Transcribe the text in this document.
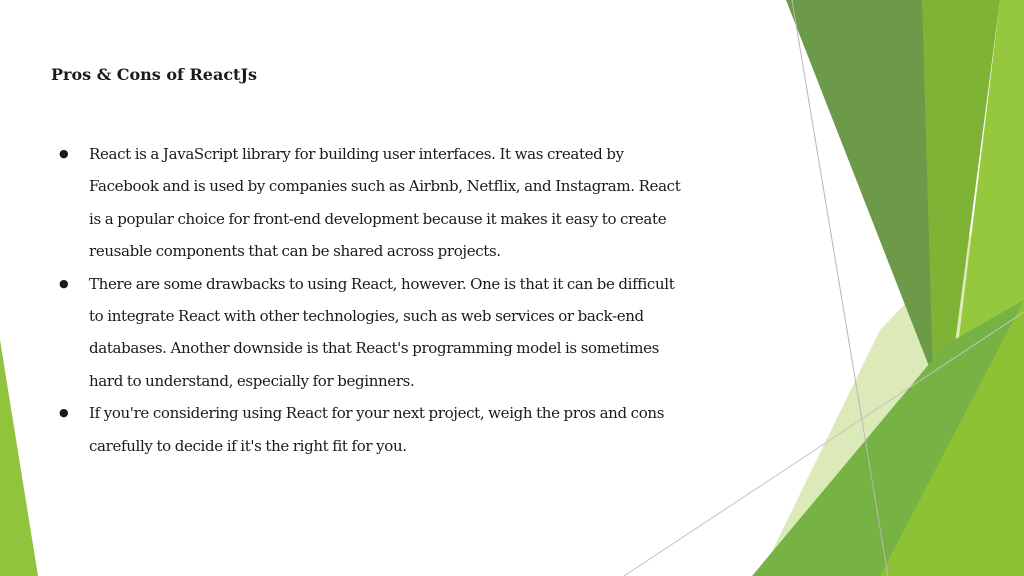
Pros & Cons of ReactJs
● React is a JavaScript library for building user interfaces. It was created by Facebook and is used by companies such as Airbnb, Netflix, and Instagram. React is a popular choice for front-end development because it makes it easy to create reusable components that can be shared across projects.
● There are some drawbacks to using React, however. One is that it can be difficult to integrate React with other technologies, such as web services or back-end databases. Another downside is that React's programming model is sometimes hard to understand, especially for beginners.
● If you're considering using React for your next project, weigh the pros and cons carefully to decide if it's the right fit for you.
